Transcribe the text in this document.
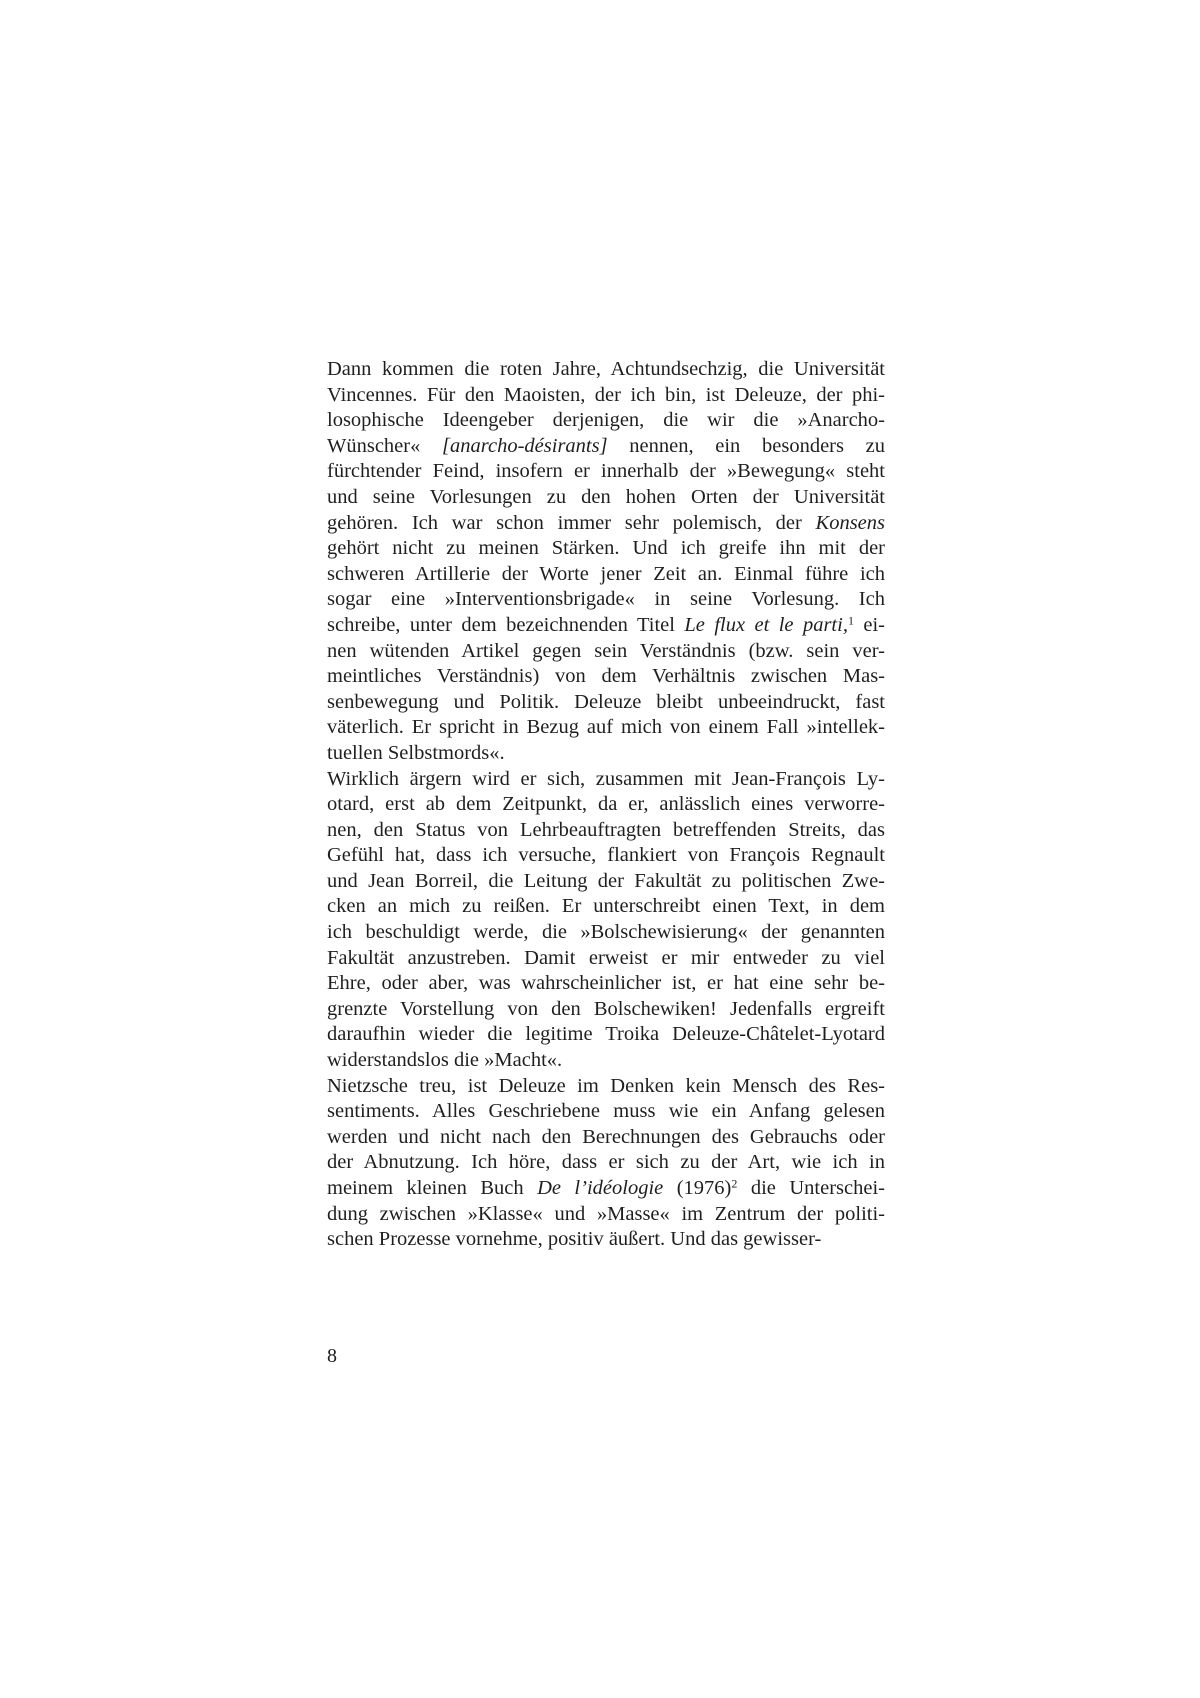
Dann kommen die roten Jahre, Achtundsechzig, die Universität
Vincennes. Für den Maoisten, der ich bin, ist Deleuze, der phi-
losophische Ideengeber derjenigen, die wir die »Anarcho-
Wünscher« [anarcho-désirants] nennen, ein besonders zu
fürchtender Feind, insofern er innerhalb der »Bewegung« steht
und seine Vorlesungen zu den hohen Orten der Universität
gehören. Ich war schon immer sehr polemisch, der Konsens
gehört nicht zu meinen Stärken. Und ich greife ihn mit der
schweren Artillerie der Worte jener Zeit an. Einmal führe ich
sogar eine »Interventionsbrigade« in seine Vorlesung. Ich
schreibe, unter dem bezeichnenden Titel Le flux et le parti,$^1$ ei-
nen wütenden Artikel gegen sein Verständnis (bzw. sein ver-
meintliches Verständnis) von dem Verhältnis zwischen Mas-
senbewegung und Politik. Deleuze bleibt unbeeindruckt, fast
väterlich. Er spricht in Bezug auf mich von einem Fall »intellek-
tuellen Selbstmords«.
Wirklich ärgern wird er sich, zusammen mit Jean-François Ly-
otard, erst ab dem Zeitpunkt, da er, anlässlich eines verworre-
nen, den Status von Lehrbeauftragten betreffenden Streits, das
Gefühl hat, dass ich versuche, flankiert von François Regnault
und Jean Borreil, die Leitung der Fakultät zu politischen Zwe-
cken an mich zu reißen. Er unterschreibt einen Text, in dem
ich beschuldigt werde, die »Bolschewisierung« der genannten
Fakultät anzustreben. Damit erweist er mir entweder zu viel
Ehre, oder aber, was wahrscheinlicher ist, er hat eine sehr be-
grenzte Vorstellung von den Bolschewiken! Jedenfalls ergreift
daraufhin wieder die legitime Troika Deleuze-Châtelet-Lyotard
widerstandslos die »Macht«.
Nietzsche treu, ist Deleuze im Denken kein Mensch des Res-
sentiments. Alles Geschriebene muss wie ein Anfang gelesen
werden und nicht nach den Berechnungen des Gebrauchs oder
der Abnutzung. Ich höre, dass er sich zu der Art, wie ich in
meinem kleinen Buch De l’idéologie (1976)$^2$ die Unterschei-
dung zwischen »Klasse« und »Masse« im Zentrum der politi-
schen Prozesse vornehme, positiv äußert. Und das gewisser-
8
